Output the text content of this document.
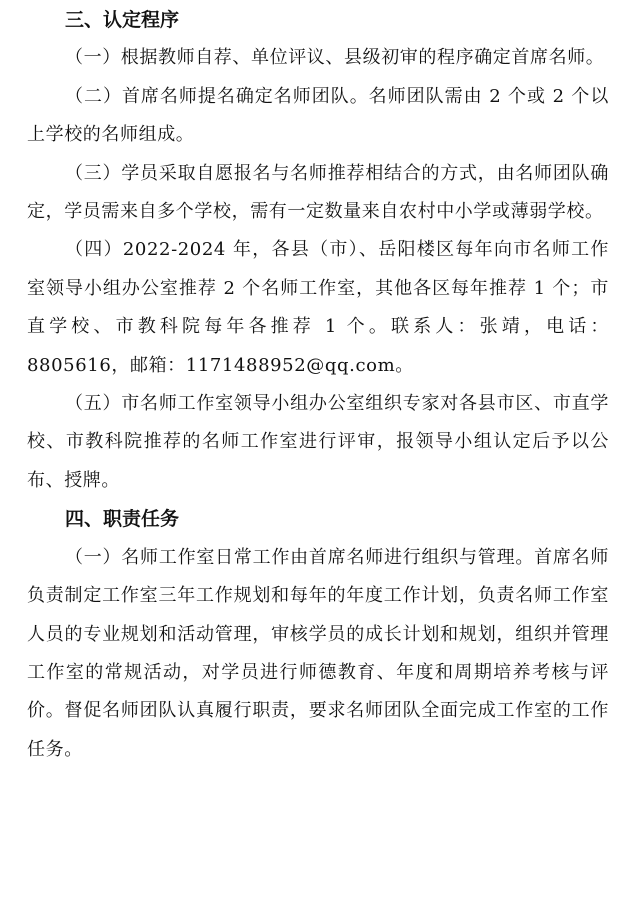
三、认定程序

（一）根据教师自荐、单位评议、县级初审的程序确定首席名师。

（二）首席名师提名确定名师团队。名师团队需由 2 个或 2 个以上学校的名师组成。

（三）学员采取自愿报名与名师推荐相结合的方式，由名师团队确定，学员需来自多个学校，需有一定数量来自农村中小学或薄弱学校。

（四）2022-2024 年，各县（市）、岳阳楼区每年向市名师工作室领导小组办公室推荐 2 个名师工作室，其他各区每年推荐 1 个；市直学校、市教科院每年各推荐 1 个。联系人：张靖，电话：8805616，邮箱：1171488952@qq.com。

（五）市名师工作室领导小组办公室组织专家对各县市区、市直学校、市教科院推荐的名师工作室进行评审，报领导小组认定后予以公布、授牌。

四、职责任务

（一）名师工作室日常工作由首席名师进行组织与管理。首席名师负责制定工作室三年工作规划和每年的年度工作计划，负责名师工作室人员的专业规划和活动管理，审核学员的成长计划和规划，组织并管理工作室的常规活动，对学员进行师德教育、年度和周期培养考核与评价。督促名师团队认真履行职责，要求名师团队全面完成工作室的工作任务。
